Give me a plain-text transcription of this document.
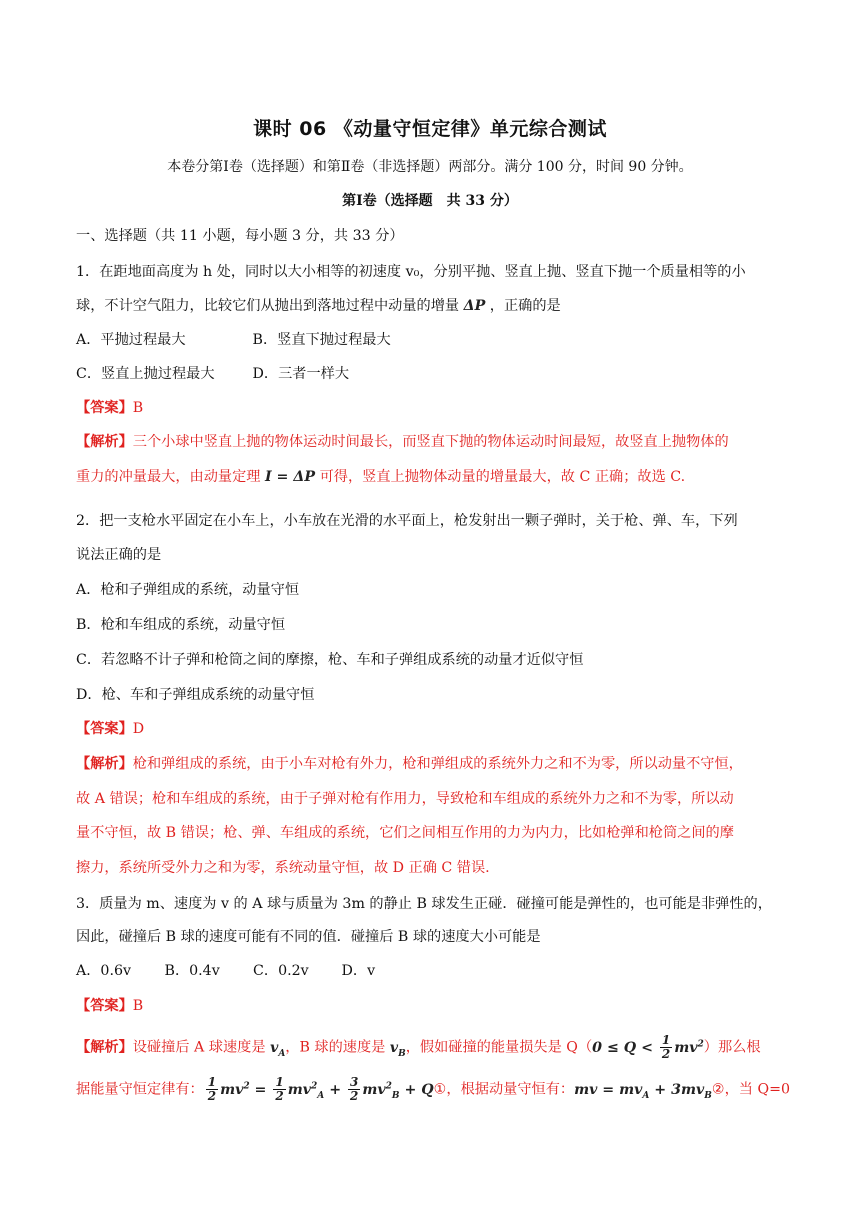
课时 06 《动量守恒定律》单元综合测试
本卷分第Ⅰ卷（选择题）和第Ⅱ卷（非选择题）两部分。满分 100 分，时间 90 分钟。
第Ⅰ卷（选择题　共 33 分）
一、选择题（共 11 小题，每小题 3 分，共 33 分）
1．在距地面高度为 h 处，同时以大小相等的初速度 v₀，分别平抛、竖直上抛、竖直下抛一个质量相等的小
球，不计空气阻力，比较它们从抛出到落地过程中动量的增量 ΔP ，正确的是
A．平抛过程最大	B．竖直下抛过程最大
C．竖直上抛过程最大	D．三者一样大
【答案】B
【解析】三个小球中竖直上抛的物体运动时间最长，而竖直下抛的物体运动时间最短，故竖直上抛物体的
重力的冲量最大，由动量定理 I = ΔP 可得，竖直上抛物体动量的增量最大，故 C 正确；故选 C.
2．把一支枪水平固定在小车上，小车放在光滑的水平面上，枪发射出一颗子弹时，关于枪、弹、车，下列
说法正确的是
A．枪和子弹组成的系统，动量守恒
B．枪和车组成的系统，动量守恒
C．若忽略不计子弹和枪筒之间的摩擦，枪、车和子弹组成系统的动量才近似守恒
D．枪、车和子弹组成系统的动量守恒
【答案】D
【解析】枪和弹组成的系统，由于小车对枪有外力，枪和弹组成的系统外力之和不为零，所以动量不守恒，
故 A 错误；枪和车组成的系统，由于子弹对枪有作用力，导致枪和车组成的系统外力之和不为零，所以动
量不守恒，故 B 错误；枪、弹、车组成的系统，它们之间相互作用的力为内力，比如枪弹和枪筒之间的摩
擦力，系统所受外力之和为零，系统动量守恒，故 D 正确 C 错误.
3．质量为 m、速度为 v 的 A 球与质量为 3m 的静止 B 球发生正碰．碰撞可能是弹性的，也可能是非弹性的，
因此，碰撞后 B 球的速度可能有不同的值．碰撞后 B 球的速度大小可能是
A．0.6v B．0.4v C．0.2v D．v
【答案】B
【解析】设碰撞后 A 球速度是 $v_A$，B 球的速度是 $v_B$，假如碰撞的能量损失是 $Q(0 \le Q < \frac{1}{2} mv^2)$那么根
据能量守恒定律有： $\frac{1}{2} mv^2 = \frac{1}{2} mv^2_A + \frac{3}{2} mv^2_B$ + Q①，根据动量守恒有：mv = $mv_A$ + $3mv_B②$，当 Q=0
